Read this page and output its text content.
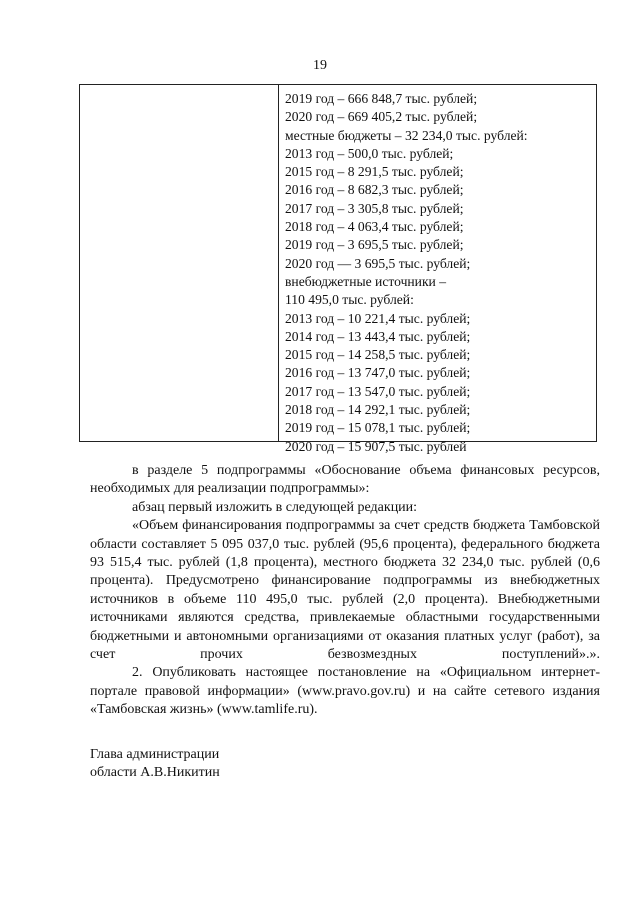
19
2019 год – 666 848,7 тыс. рублей;
2020 год – 669 405,2 тыс. рублей;
местные бюджеты – 32 234,0 тыс. рублей:
2013 год – 500,0 тыс. рублей;
2015 год – 8 291,5 тыс. рублей;
2016 год – 8 682,3 тыс. рублей;
2017 год – 3 305,8 тыс. рублей;
2018 год – 4 063,4 тыс. рублей;
2019 год – 3 695,5 тыс. рублей;
2020 год — 3 695,5 тыс. рублей;
внебюджетные источники –
110 495,0 тыс. рублей:
2013 год – 10 221,4 тыс. рублей;
2014 год – 13 443,4 тыс. рублей;
2015 год – 14 258,5 тыс. рублей;
2016 год – 13 747,0 тыс. рублей;
2017 год – 13 547,0 тыс. рублей;
2018 год – 14 292,1 тыс. рублей;
2019 год – 15 078,1 тыс. рублей;
2020 год – 15 907,5 тыс. рублей

в разделе 5 подпрограммы «Обоснование объема финансовых ресурсов, необходимых для реализации подпрограммы»:

абзац первый изложить в следующей редакции:

«Объем финансирования подпрограммы за счет средств бюджета Тамбовской области составляет 5 095 037,0 тыс. рублей (95,6 процента), федерального бюджета 93 515,4 тыс. рублей (1,8 процента), местного бюджета 32 234,0 тыс. рублей (0,6 процента). Предусмотрено финансирование подпрограммы из внебюджетных источников в объеме 110 495,0 тыс. рублей (2,0 процента). Внебюджетными источниками являются средства, привлекаемые областными государственными бюджетными и автономными организациями от оказания платных услуг (работ), за счет прочих безвозмездных поступлений».».

2. Опубликовать настоящее постановление на «Официальном интернет-портале правовой информации» (www.pravo.gov.ru) и на сайте сетевого издания «Тамбовская жизнь» (www.tamlife.ru).

Глава администрации
области А.В.Никитин
